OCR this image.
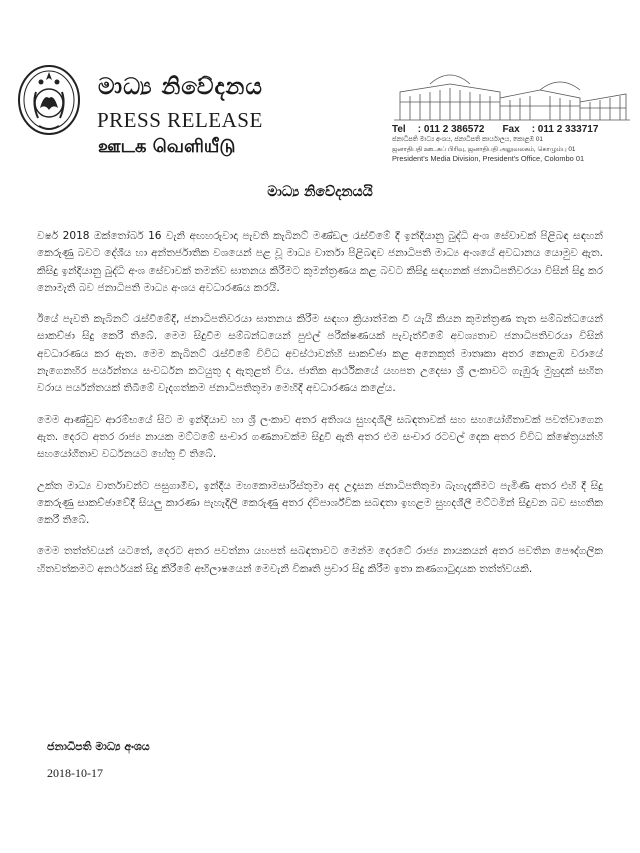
මාධ්‍ය නිවේදනය
PRESS RELEASE
ஊடக வெளியீடு
Tel : 011 2 386572 Fax : 011 2 333717
ජනාධිපති මාධ්‍ය අංශය, ජනාධිපති කාර්යාලය, කොළඹ 01
ஜனாதிபதி ஊடகப் பிரிவு, ஜனாதிபதி அலுவலகம், கொழும்பு 01
President's Media Division, President's Office, Colombo 01
මාධ්‍ය නිවේදනයයි

වර්ෂ 2018 ඔක්තෝබර් 16 වැනි අඟහරුවාදා පැවති කැබිනට් මණ්ඩල රැස්වීමේ දී ඉන්දියානු බුද්ධි අංශ සේවාවක් පිළිබඳ සඳහන් කෙරුණු බවට දේශීය හා අන්තර්ජාතික වශයෙන් පළ වූ මාධ්‍ය වාර්තා පිළිබඳව ජනාධිපති මාධ්‍ය අංශයේ අවධානය යොමුව ඇත. කිසිදු ඉන්දියානු බුද්ධි අංශ සේවාවක් තමන්ව ඝාතනය කිරීමට කුමන්ත්‍රණය කළ බවට කිසිදු සඳහනක් ජනාධිපතිවරයා විසින් සිදු කර නොමැති බව ජනාධිපති මාධ්‍ය අංශය අවධාරණය කරයි.

ඊයේ පැවති කැබිනට් රැස්වීමේදී, ජනාධිපතිවරයා ඝාතනය කිරීම සඳහා ක්‍රියාත්මක වී යැයි කියන කුමන්ත්‍රණ තැත සම්බන්ධයෙන් සාකච්ඡා සිදු කෙරී තිබේ. මෙම සිදුවීම සම්බන්ධයෙන් පුළුල් පරීක්ෂණයක් පැවැත්වීමේ අවශ්‍යතාව ජනාධිපතිවරයා විසින් අවධාරණය කර ඇත. මෙම කැබිනට් රැස්වීමේ විවිධ අවස්ථාවන්හි සාකච්ඡා කළ අනෙකුත් මාතෘකා අතර කොළඹ වරායේ නැගෙනහිර පර්යන්තය සංවර්ධන කටයුතු ද ඇතුළත් විය. ජාතික ආර්ථිකයේ යහපත උදෙසා ශ්‍රී ලංකාවට ගැඹුරු මුහුදක් සහිත වරාය පර්යන්තයක් තිබීමේ වැදගත්කම ජනාධිපතිතුමා මෙහිදී අවධාරණය කළේය.

මෙම ආණ්ඩුව ආරම්භයේ සිට ම ඉන්දියාව හා ශ්‍රී ලංකාව අතර අතිශය සුහදශීලී සබඳතාවක් සහ සහයෝගීතාවක් පවත්වාගෙන ඇත. දෙරට අතර රාජ්‍ය නායක මට්ටමේ සංචාර ගණනාවක්ම සිදුවී ඇති අතර එම සංචාර රටවල් දෙක අතර විවිධ ක්ෂේත්‍රයන්හි සහයෝගීතාව වර්ධනයට හේතු වී තිබේ.

උක්ත මාධ්‍ය වාර්තාවන්ට පසුගාමීව, ඉන්දීය මහකොමසාරිස්තුමා අද උදෑසන ජනාධිපතිතුමා බැහැදැකීමට පැමිණි අතර එහි දී සිදු කෙරුණු සාකච්ඡාවේදී සියලු කාරණා පැහැදිලි කෙරුණු අතර ද්විපාර්ශ්වික සබඳතා ඉහළම සුහදශීලී මට්ටමින් සිදුවන බව සහතික කෙරී තිබේ.

මෙම තත්ත්වයන් යටතේ, දෙරට අතර පවත්නා යහපත් සබඳතාවට මෙන්ම දෙරටේ රාජ්‍ය නායකයන් අතර පවතින පෞද්ගලික හිතවත්කමට අනර්ථයක් සිදු කිරීමේ අභිලාෂයෙන් මෙවැනි විකෘති ප්‍රචාර සිදු කිරීම ඉතා කණගාටුදායක තත්ත්වයකි.

ජනාධිපති මාධ්‍ය අංශය
2018-10-17
